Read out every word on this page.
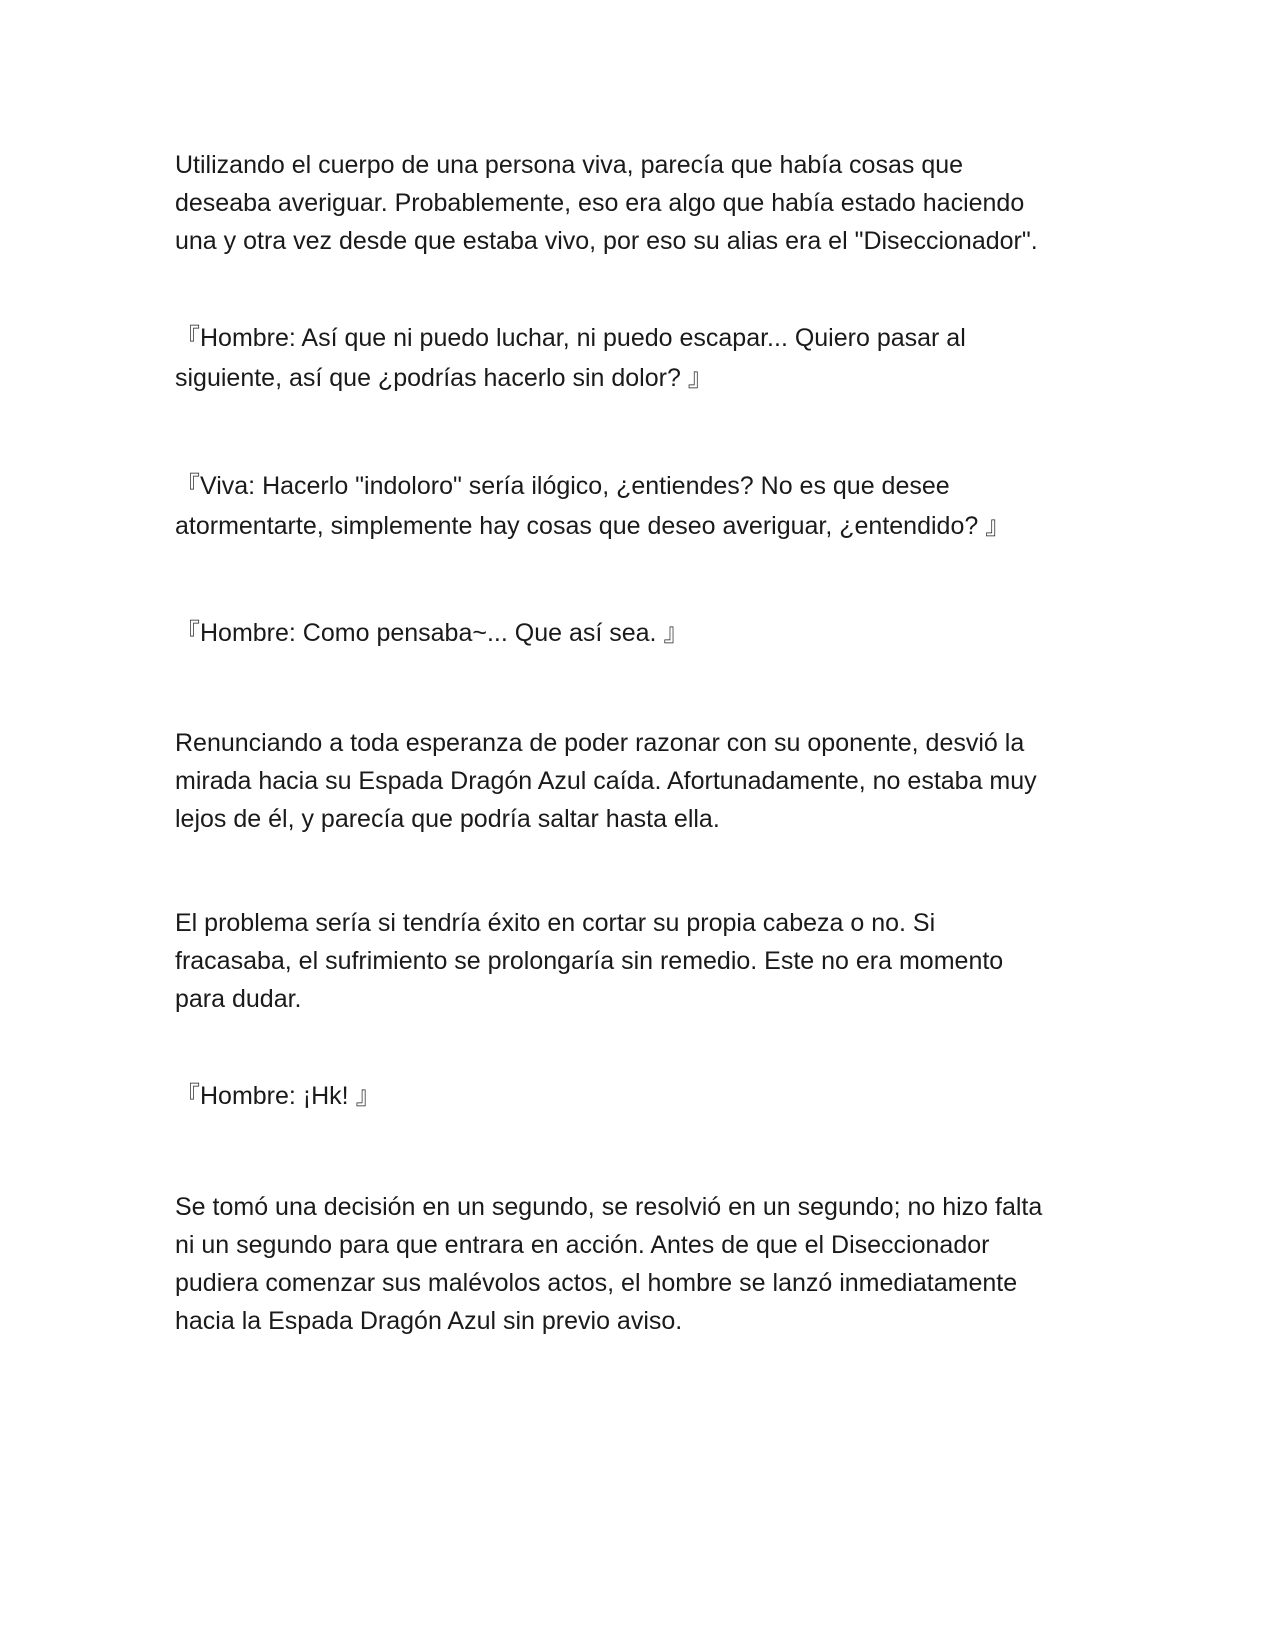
Utilizando el cuerpo de una persona viva, parecía que había cosas que
deseaba averiguar. Probablemente, eso era algo que había estado haciendo
una y otra vez desde que estaba vivo, por eso su alias era el "Diseccionador".

『Hombre: Así que ni puedo luchar, ni puedo escapar... Quiero pasar al
siguiente, así que ¿podrías hacerlo sin dolor? 』

『Viva: Hacerlo "indoloro" sería ilógico, ¿entiendes? No es que desee
atormentarte, simplemente hay cosas que deseo averiguar, ¿entendido? 』

『Hombre: Como pensaba~... Que así sea. 』

Renunciando a toda esperanza de poder razonar con su oponente, desvió la
mirada hacia su Espada Dragón Azul caída. Afortunadamente, no estaba muy
lejos de él, y parecía que podría saltar hasta ella.

El problema sería si tendría éxito en cortar su propia cabeza o no. Si
fracasaba, el sufrimiento se prolongaría sin remedio. Este no era momento
para dudar.

『Hombre: ¡Hk! 』

Se tomó una decisión en un segundo, se resolvió en un segundo; no hizo falta
ni un segundo para que entrara en acción. Antes de que el Diseccionador
pudiera comenzar sus malévolos actos, el hombre se lanzó inmediatamente
hacia la Espada Dragón Azul sin previo aviso.
